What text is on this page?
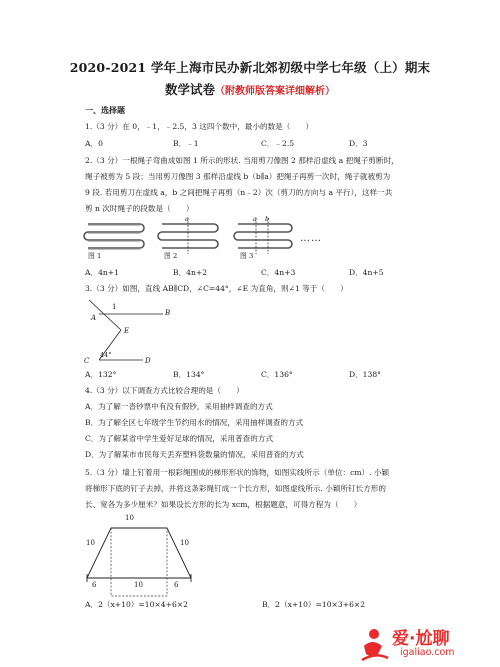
2020-2021 学年上海市民办新北郊初级中学七年级（上）期末
数学试卷（附教师版答案详细解析）
一、选择题
1.（3 分）在 0，﹣1，﹣2.5，3 这四个数中，最小的数是（　　）
A．0	B．﹣1	C．﹣2.5	D．3
2.（3 分）一根绳子弯曲成如图 1 所示的形状. 当用剪刀像图 2 那样沿虚线 a 把绳子剪断时，
绳子被剪为 5 段；当用剪刀像图 3 那样沿虚线 b（b∥a）把绳子再剪一次时，绳子就被剪为
9 段. 若用剪刀在虚线 a，b 之间把绳子再剪（n﹣2）次（剪刀的方向与 a 平行），这样一共
剪 n 次时绳子的段数是（　　）
a	a b
图 1	图 2	图 3
……
A．4n+1	B．4n+2	C．4n+3	D．4n+5
3.（3 分）如图，直线 AB∥CD，∠C=44°，∠E 为直角，则∠1 等于（　　）
1
A
B
E
C	D
44°
A．132°	B．134°	C．136°	D．138°
4.（3 分）以下调查方式比较合理的是（　　）
A．为了解一沓钞票中有没有假钞，采用抽样调查的方式
B．为了解全区七年级学生节约用水的情况，采用抽样调查的方式
C．为了解某省中学生爱好足球的情况，采用普查的方式
D．为了解某市市民每天丢弃塑料袋数量的情况，采用普查的方式
5.（3 分）墙上钉着用一根彩绳围成的梯形形状的饰物，如图实线所示（单位：cm）. 小颖
将梯形下底的钉子去掉，并将这条彩绳钉成一个长方形，如图虚线所示. 小颖所钉长方形的
长、宽各为多少厘米？如果设长方形的长为 xcm，根据题意，可得方程为（　　）
10
10	10
6	10	6
A．2（x+10）=10×4+6×2	B．2（x+10）=10×3+6×2
爱·尬聊
igaliao.com
